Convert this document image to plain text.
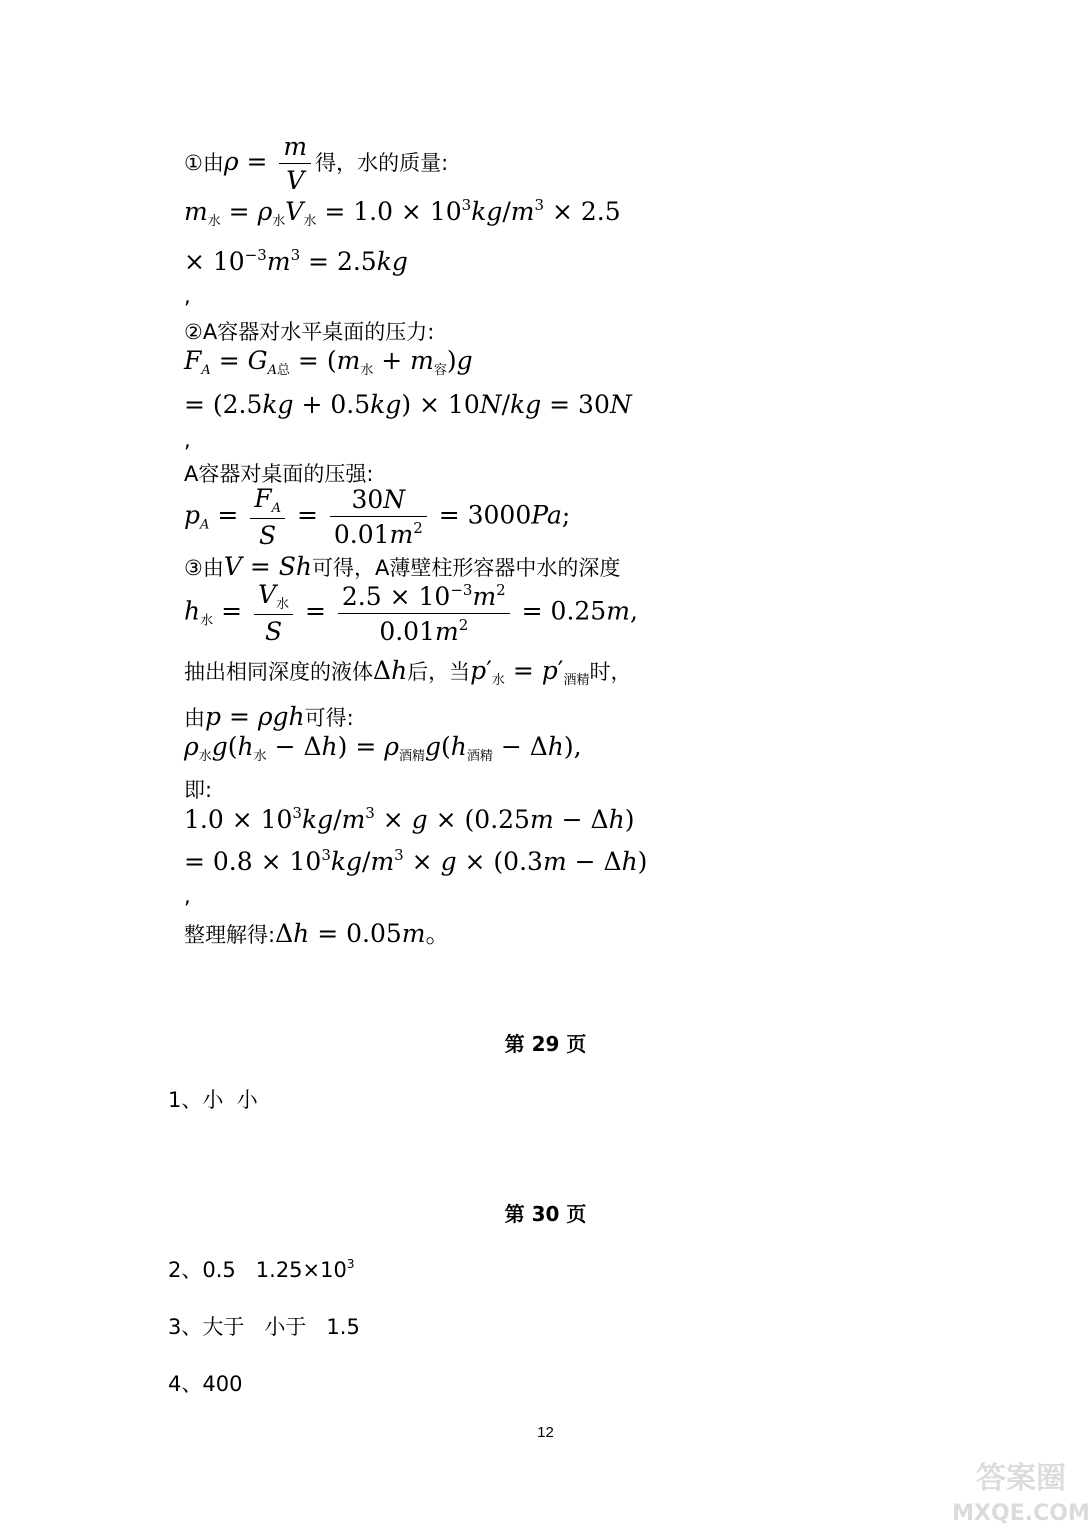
①由$\rho = \frac{m}{V}$ 得，水的质量:
$m_水 = \rho_水V_水 = 1.0 \times 10^3kg/m^3 \times 2.5$
× $10^{-3}m^3 = 2.5kg$
,
②A容器对水平桌面的压力:
$F_A = G_{A总} = (m_水 + m_容)g$
= (2.5kg + 0.5kg) × 10N/kg = 30N
,
A容器对桌面的压强:
$p_A = \frac{F_A}{S} = \frac{30N}{0.01m^2} = 3000Pa$;
③由V = Sh可得，A薄壁柱形容器中水的深度
$h_水 = \frac{V_水}{S} = \frac{2.5 \times 10^{-3}m^2}{0.01m^2} = 0.25m$,
抽出相同深度的液体Δh后，当$p'_水 = p'_{酒精}$时，
由p = ρgh可得:
$\rho_水g(h_水 - \Delta h) = \rho_{酒精}g(h_{酒精} - \Delta h)$,
即:
$1.0 \times 10^3kg/m^3 \times g \times (0.25m - \Delta h)$
= $0.8 \times 10^3kg/m^3 \times g \times (0.3m - \Delta h)$
,
整理解得:Δh = 0.05m。
第 29 页
1、小  小
第 30 页
2、0.5   $1.25\times 10^3$
3、大于   小于   1.5
4、400
12
答案圈
MXQE.COM
